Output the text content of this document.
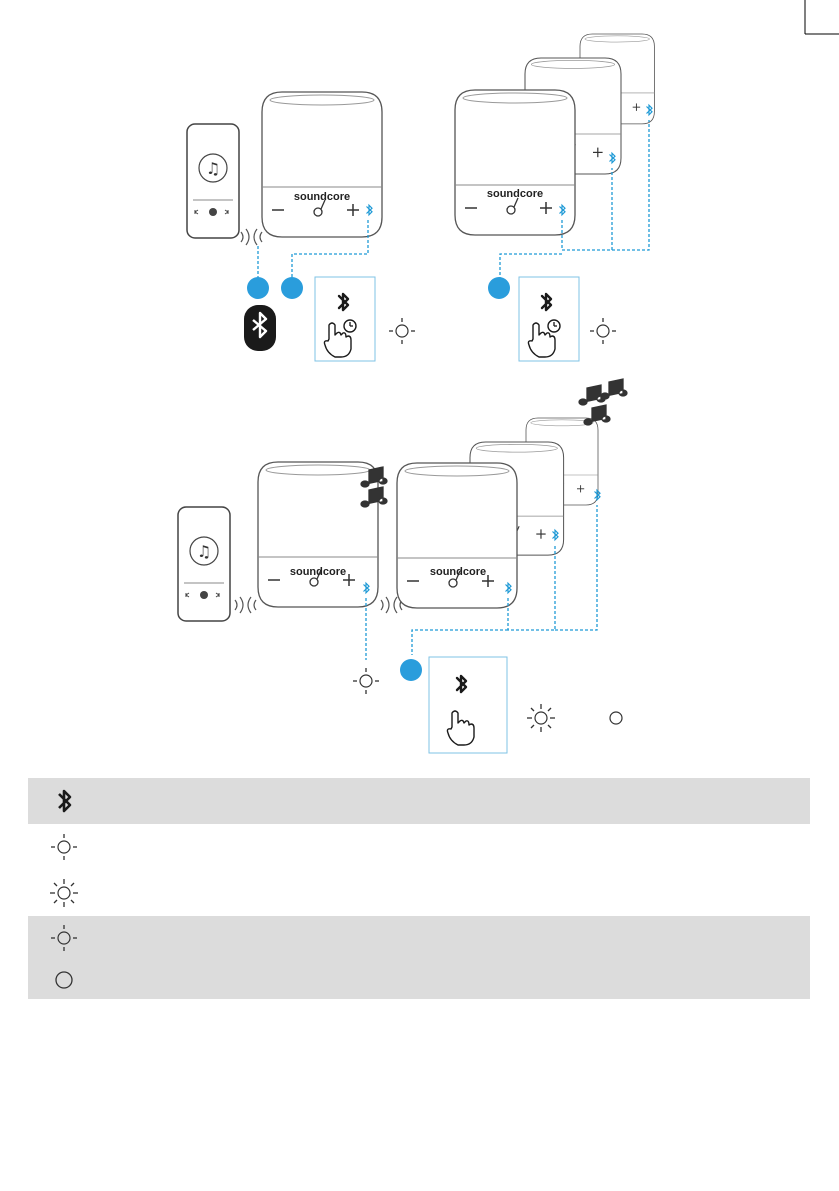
♫
soundcore	soundcore
soundcore	soundcore
